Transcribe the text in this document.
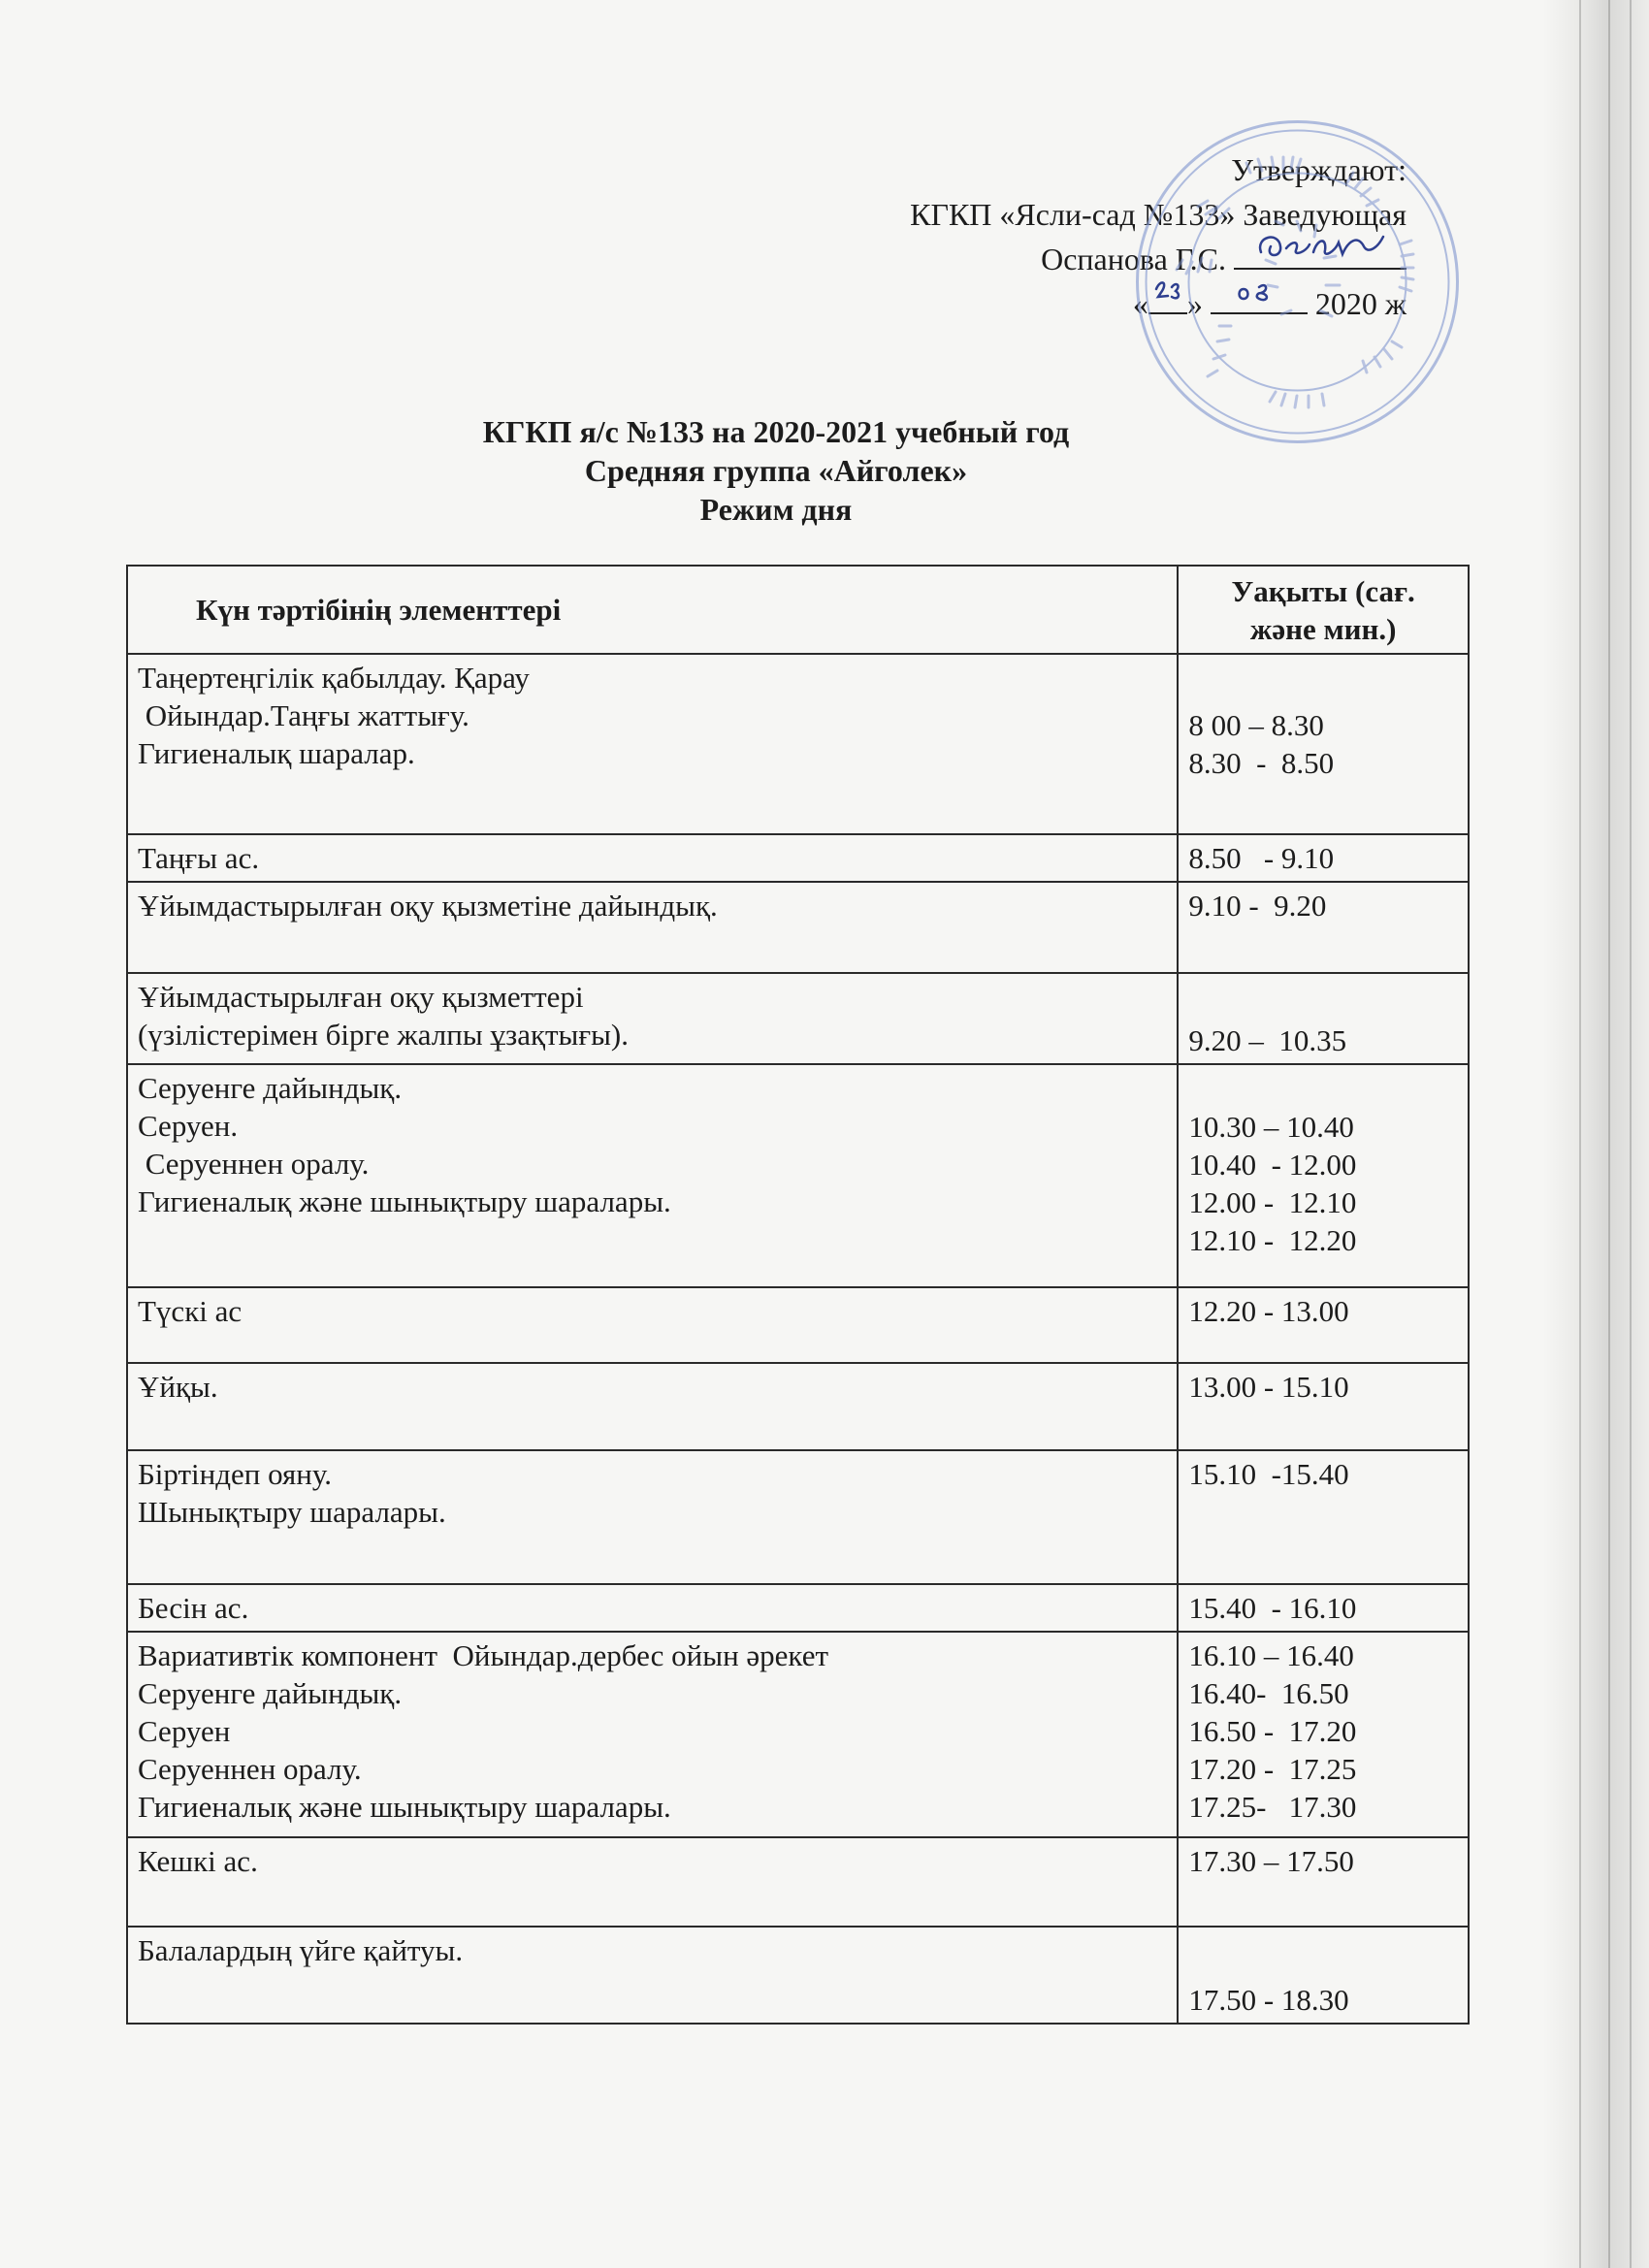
Утверждают:
КГКП «Ясли-сад №133» Заведующая
Оспанова Г.С.
« »	2020 ж
КГКП я/с №133 на 2020-2021 учебный год
Средняя группа «Айголек»
Режим дня
Күн тәртібінің элементтері	Уақыты (сағ.
және мин.)

Таңертеңгілік қабылдау. Қарау
Ойындар.Таңғы жаттығу.
Гигиеналық шаралар.	8 00 – 8.30
8.30  -  8.50

Таңғы ас.	8.50   - 9.10

Ұйымдастырылған оқу қызметіне дайындық.	9.10 -  9.20

Ұйымдастырылған оқу қызметтері
(үзілістерімен бірге жалпы ұзақтығы).	9.20 –  10.35

Серуенге дайындық.
Серуен.
Серуеннен оралу.
Гигиеналық және шынықтыру шаралары.	10.30 – 10.40
10.40  - 12.00
12.00 -  12.10
12.10 -  12.20

Түскі ас	12.20 - 13.00

Ұйқы.	13.00 - 15.10

Біртіндеп ояну.
Шынықтыру шаралары.	15.10  -15.40

Бесін ас.	15.40  - 16.10

Вариативтік компонент  Ойындар.дербес ойын әрекет
Серуенге дайындық.
Серуен
Серуеннен оралу.
Гигиеналық және шынықтыру шаралары.	16.10 – 16.40
16.40-  16.50
16.50 -  17.20
17.20 -  17.25
17.25-   17.30

Кешкі ас.	17.30 – 17.50

Балалардың үйге қайтуы.	17.50 - 18.30
